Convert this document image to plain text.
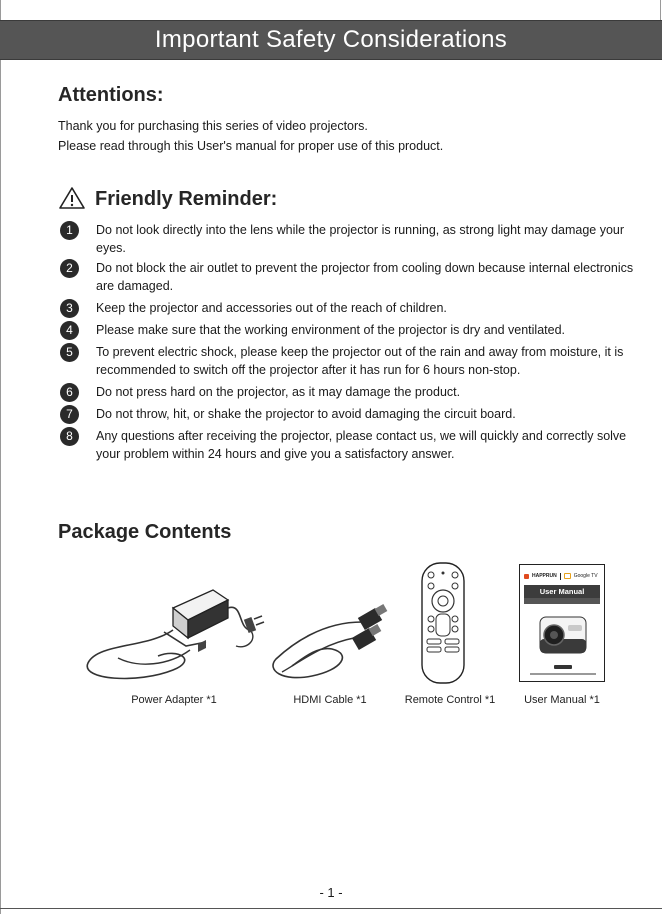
Important Safety Considerations
Attentions:

Thank you for purchasing this series of video projectors.

Please read through this User's manual for proper use of this product.

Friendly Reminder:
1	Do not look directly into the lens while the projector is running, as strong light may damage your eyes.
2	Do not block the air outlet to prevent the projector from cooling down because internal electronics are damaged.
3	Keep the projector and accessories out of the reach of children.
4	Please make sure that the working environment of the projector is dry and ventilated.
5	To prevent electric shock, please keep the projector out of the rain and away from moisture, it is recommended to switch off the projector after it has run for 6 hours non-stop.
6	Do not press hard on the projector, as it may damage the product.
7	Do not throw, hit, or shake the projector to avoid damaging the circuit board.
8	Any questions after receiving the projector, please contact us, we will quickly and correctly solve your problem within 24 hours and give you a satisfactory answer.
Package Contents
HAPPRUN	Google TV
User Manual
Power Adapter *1	HDMI Cable *1	Remote Control *1	User Manual *1
- 1 -
